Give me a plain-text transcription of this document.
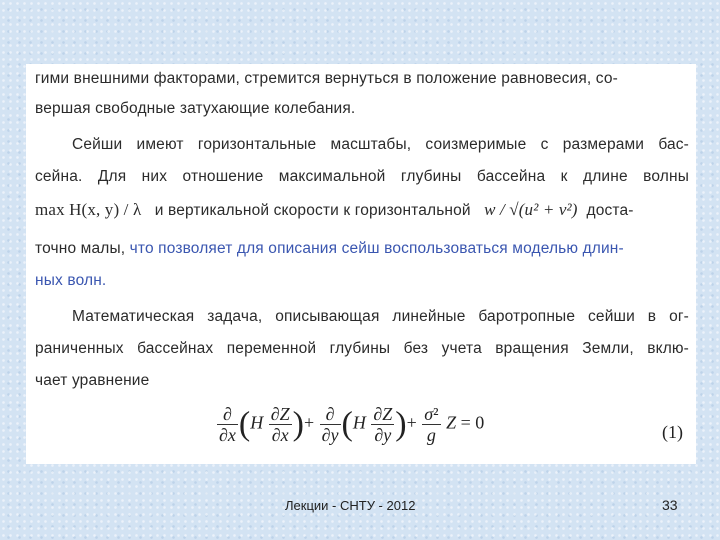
гими внешними факторами, стремится вернуться в положение равновесия, со-
вершая свободные затухающие колебания.
Сейши имеют горизонтальные масштабы, соизмеримые с размерами бас-
сейна. Для них отношение максимальной глубины бассейна к длине волны
max H(x, y) / λ и вертикальной скорости к горизонтальной w / √(u² + v²) доста-
точно малы, что позволяет для описания сейш воспользоваться моделью длин-
ных волн.
Математическая задача, описывающая линейные баротропные сейши в ог-
раниченных бассейнах переменной глубины без учета вращения Земли, вклю-
чает уравнение
$\frac{\partial}{\partial x} (H \frac{\partial Z}{\partial x}$ )+ $\frac{\partial}{\partial y} (H \frac{\partial Z}{\partial y}$ )+ $\frac{\text{σ²}}{g}$ Z = 0	(1)
Лекции - СНТУ - 2012	33
